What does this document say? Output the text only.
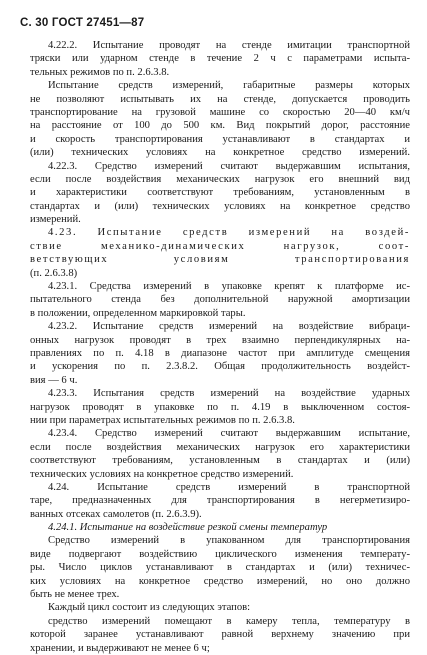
С. 30 ГОСТ 27451—87
4.22.2. Испытание проводят на стенде имитации транспортной
тряски или ударном стенде в течение 2 ч с параметрами испыта-
тельных режимов по п. 2.6.3.8.
Испытание средств измерений, габаритные размеры которых
не позволяют испытывать их на стенде, допускается проводить
транспортирование на грузовой машине со скоростью 20—40 км/ч
на расстояние от 100 до 500 км. Вид покрытий дорог, расстояние
и скорость транспортирования устанавливают в стандартах и
(или) технических условиях на конкретное средство измерений.
4.22.3. Средство измерений считают выдержавшим испытания,
если после воздействия механических нагрузок его внешний вид
и характеристики соответствуют требованиям, установленным в
стандартах и (или) технических условиях на конкретное средство
измерений.
4.23. Испытание средств измерений на воздей-
ствие механико-динамических нагрузок, соот-
ветствующих условиям транспортирования
(п. 2.6.3.8)
4.23.1. Средства измерений в упаковке крепят к платформе ис-
пытательного стенда без дополнительной наружной амортизации
в положении, определенном маркировкой тары.
4.23.2. Испытание средств измерений на воздействие вибраци-
онных нагрузок проводят в трех взаимно перпендикулярных на-
правлениях по п. 4.18 в диапазоне частот при амплитуде смещения
и ускорения по п. 2.3.8.2. Общая продолжительность воздейст-
вия — 6 ч.
4.23.3. Испытания средств измерений на воздействие ударных
нагрузок проводят в упаковке по п. 4.19 в выключенном состоя-
нии при параметрах испытательных режимов по п. 2.6.3.8.
4.23.4. Средство измерений считают выдержавшим испытание,
если после воздействия механических нагрузок его характеристики
соответствуют требованиям, установленным в стандартах и (или)
технических условиях на конкретное средство измерений.
4.24. Испытание средств измерений в транспортной
таре, предназначенных для транспортирования в негерметизиро-
ванных отсеках самолетов (п. 2.6.3.9).
4.24.1. Испытание на воздействие резкой смены температур
Средство измерений в упакованном для транспортирования
виде подвергают воздействию циклического изменения температу-
ры. Число циклов устанавливают в стандартах и (или) техничес-
ких условиях на конкретное средство измерений, но оно должно
быть не менее трех.
Каждый цикл состоит из следующих этапов:
средство измерений помещают в камеру тепла, температуру в
которой заранее устанавливают равной верхнему значению при
хранении, и выдерживают не менее 6 ч;
